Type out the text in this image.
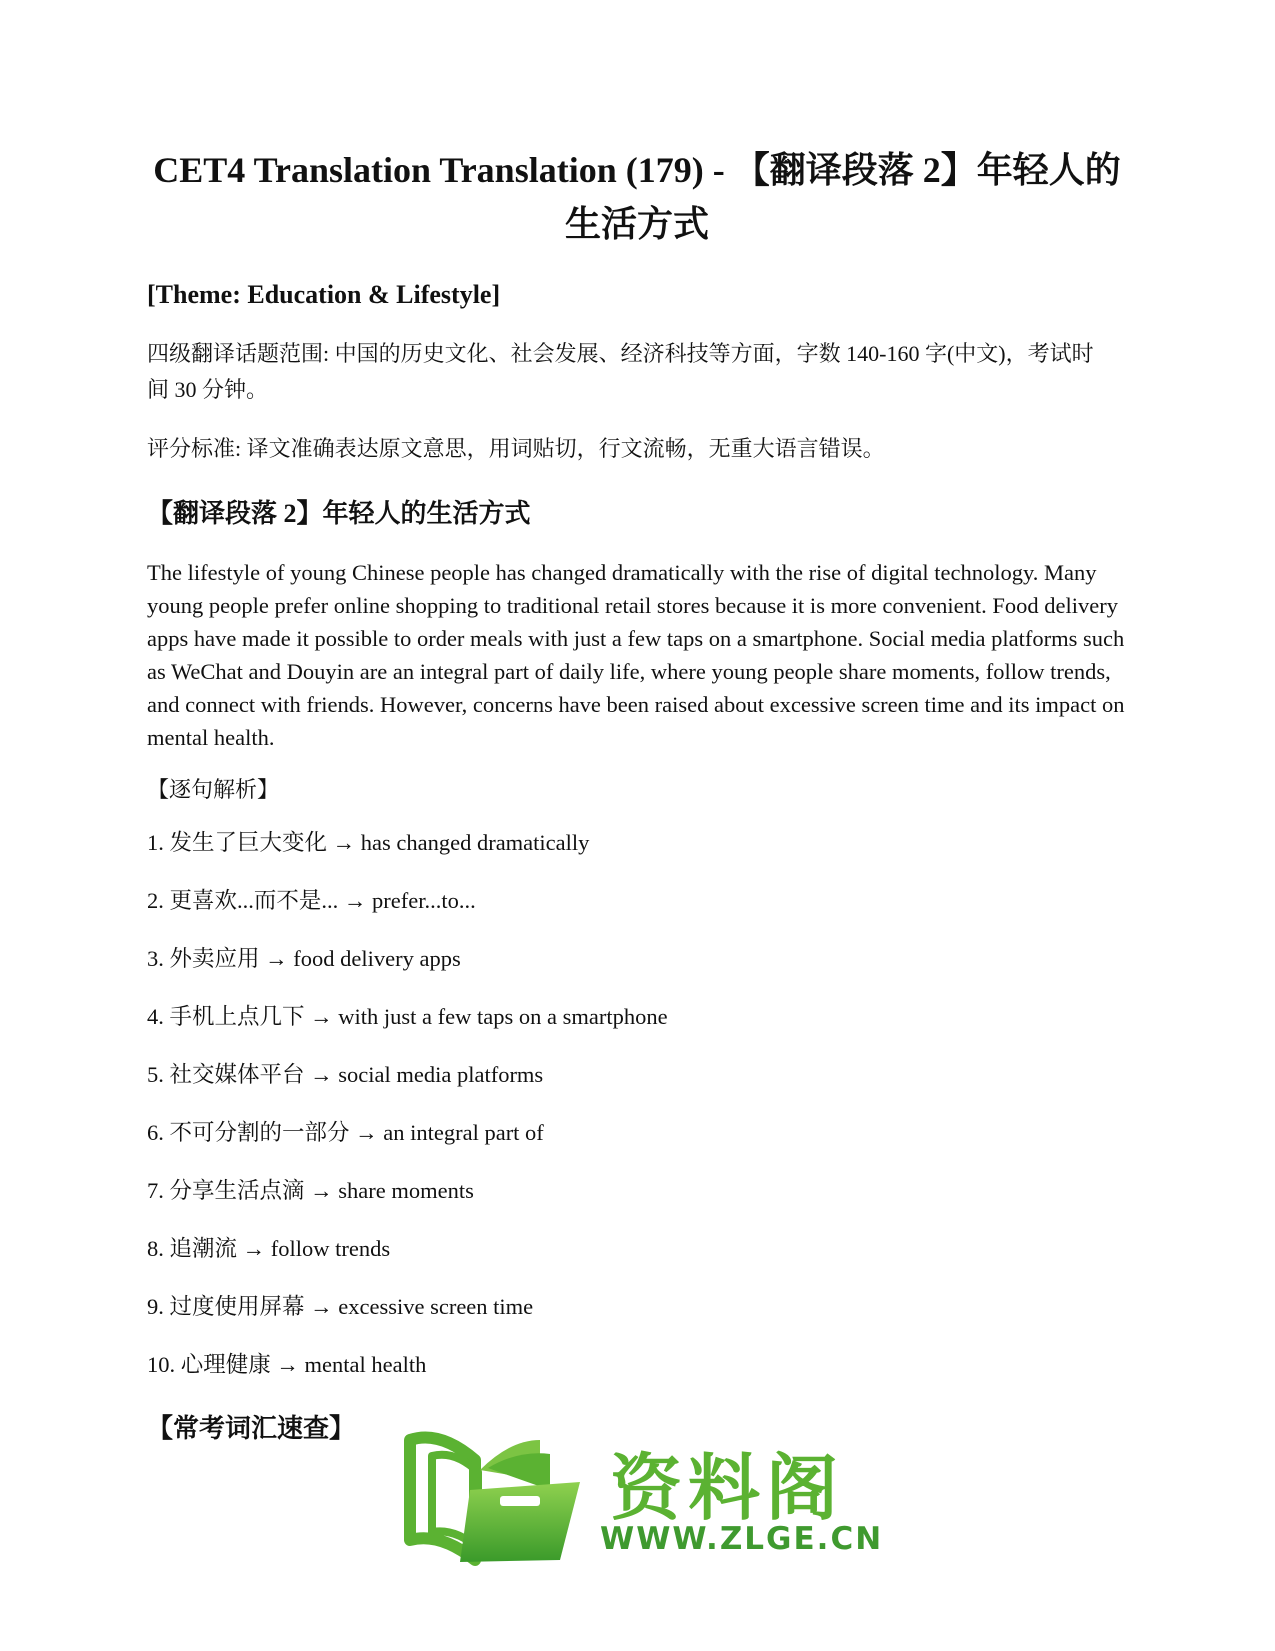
CET4 Translation Translation (179) - 【翻译段落 2】年轻人的生活方式

[Theme: Education & Lifestyle]

四级翻译话题范围: 中国的历史文化、社会发展、经济科技等方面，字数 140-160 字(中文)，考试时间 30 分钟。

评分标准: 译文准确表达原文意思，用词贴切，行文流畅，无重大语言错误。

【翻译段落 2】年轻人的生活方式

The lifestyle of young Chinese people has changed dramatically with the rise of digital technology. Many young people prefer online shopping to traditional retail stores because it is more convenient. Food delivery apps have made it possible to order meals with just a few taps on a smartphone. Social media platforms such as WeChat and Douyin are an integral part of daily life, where young people share moments, follow trends, and connect with friends. However, concerns have been raised about excessive screen time and its impact on mental health.

【逐句解析】

1. 发生了巨大变化 → has changed dramatically
2. 更喜欢...而不是... → prefer...to...
3. 外卖应用 → food delivery apps
4. 手机上点几下 → with just a few taps on a smartphone
5. 社交媒体平台 → social media platforms
6. 不可分割的一部分 → an integral part of
7. 分享生活点滴 → share moments
8. 追潮流 → follow trends
9. 过度使用屏幕 → excessive screen time
10. 心理健康 → mental health
【常考词汇速查】
资料阁
WWW.ZLGE.CN
